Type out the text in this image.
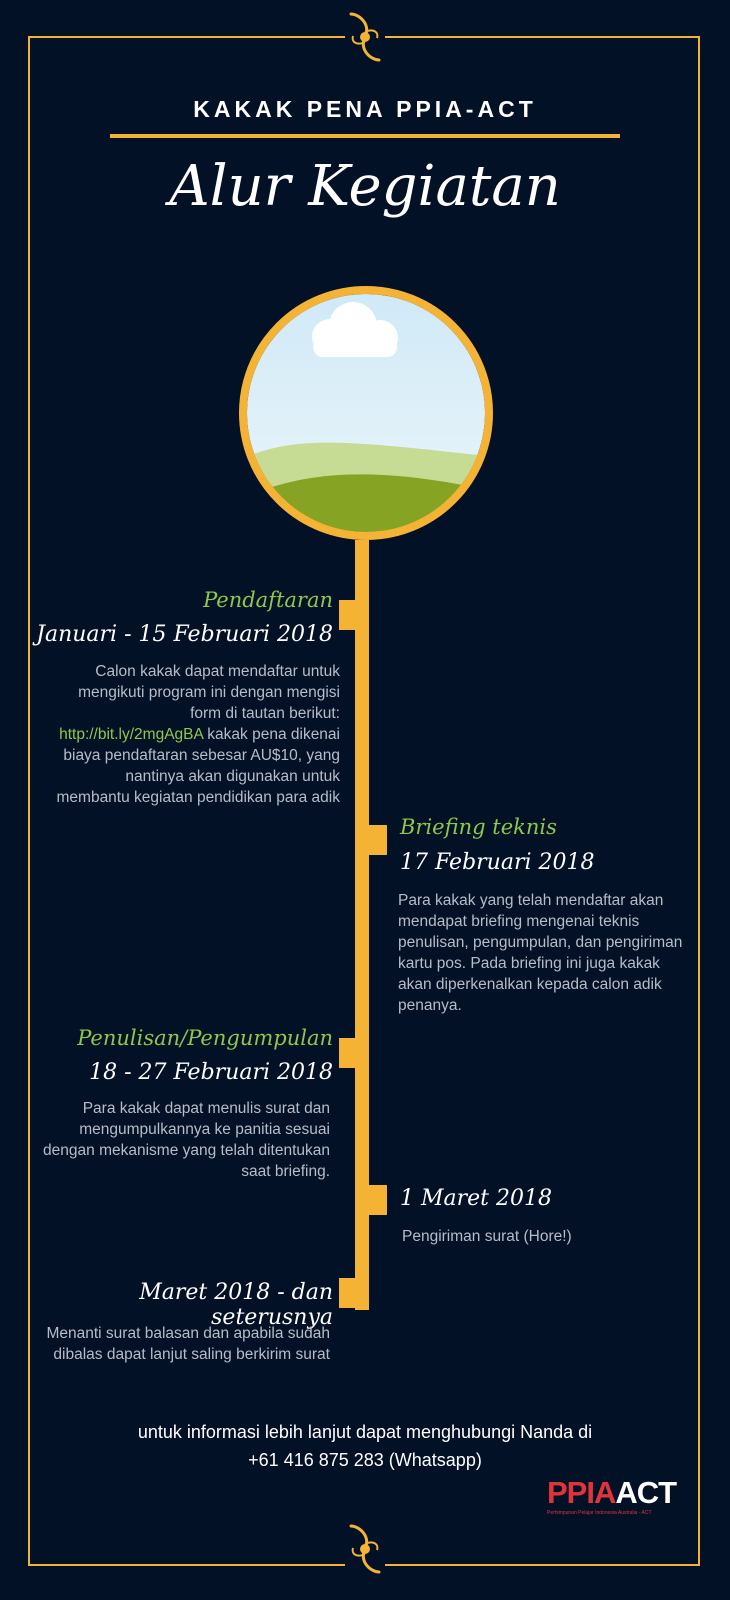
KAKAK PENA PPIA-ACT
Alur Kegiatan
Pendaftaran
Januari - 15 Februari 2018
Calon kakak dapat mendaftar untuk mengikuti program ini dengan mengisi form di tautan berikut: http://bit.ly/2mgAgBA kakak pena dikenai biaya pendaftaran sebesar AU$10, yang nantinya akan digunakan untuk membantu kegiatan pendidikan para adik
Briefing teknis
17 Februari 2018
Para kakak yang telah mendaftar akan mendapat briefing mengenai teknis penulisan, pengumpulan, dan pengiriman kartu pos. Pada briefing ini juga kakak akan diperkenalkan kepada calon adik penanya.
Penulisan/Pengumpulan
18 - 27 Februari 2018
Para kakak dapat menulis surat dan mengumpulkannya ke panitia sesuai dengan mekanisme yang telah ditentukan saat briefing.
1 Maret 2018
Pengiriman surat (Hore!)
Maret 2018 - dan seterusnya
Menanti surat balasan dan apabila sudah dibalas dapat lanjut saling berkirim surat
untuk informasi lebih lanjut dapat menghubungi Nanda di
+61 416 875 283 (Whatsapp)
PPIAACT
Perhimpunan Pelajar Indonesia Australia - ACT
